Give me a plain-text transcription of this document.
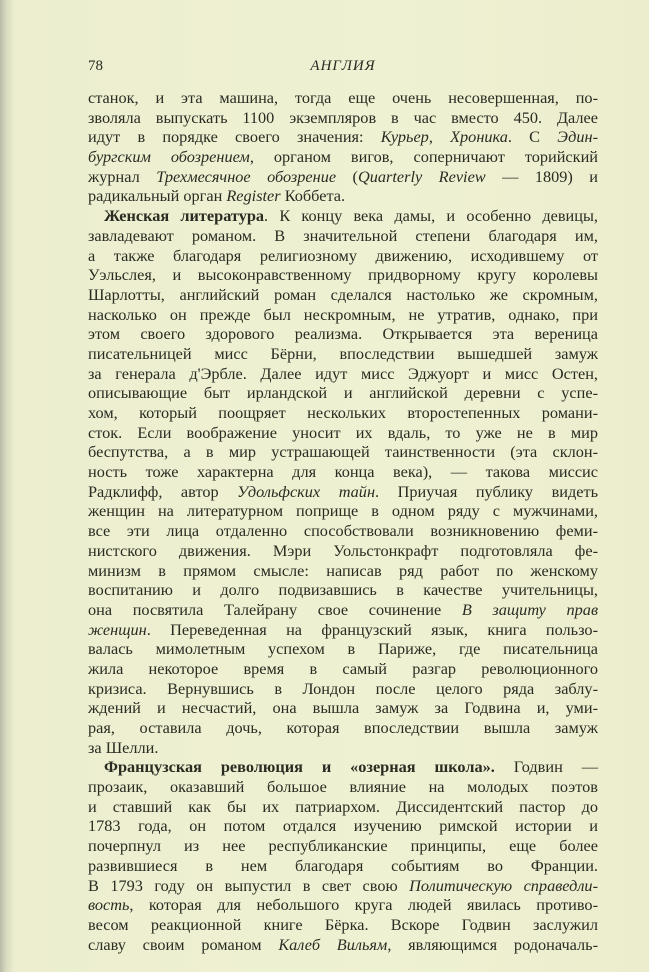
78	АНГЛИЯ
станок, и эта машина, тогда еще очень несовершенная, по-
зволяла выпускать 1100 экземпляров в час вместо 450. Далее
идут в порядке своего значения: Курьер, Хроника. С Эдин-
бургским обозрением, органом вигов, соперничают торийский
журнал Трехмесячное обозрение (Quarterly Review — 1809) и
радикальный орган Register Коббета.
Женская литература. К концу века дамы, и особенно девицы,
завладевают романом. В значительной степени благодаря им,
а также благодаря религиозному движению, исходившему от
Уэльслея, и высоконравственному придворному кругу королевы
Шарлотты, английский роман сделался настолько же скромным,
насколько он прежде был нескромным, не утратив, однако, при
этом своего здорового реализма. Открывается эта вереница
писательницей мисс Бёрни, впоследствии вышедшей замуж
за генерала д'Эрбле. Далее идут мисс Эджуорт и мисс Остен,
описывающие быт ирландской и английской деревни с успе-
хом, который поощряет нескольких второстепенных романи-
сток. Если воображение уносит их вдаль, то уже не в мир
беспутства, а в мир устрашающей таинственности (эта склон-
ность тоже характерна для конца века), — такова миссис
Радклифф, автор Удольфских тайн. Приучая публику видеть
женщин на литературном поприще в одном ряду с мужчинами,
все эти лица отдаленно способствовали возникновению феми-
нистского движения. Мэри Уольстонкрафт подготовляла фе-
минизм в прямом смысле: написав ряд работ по женскому
воспитанию и долго подвизавшись в качестве учительницы,
она посвятила Талейрану свое сочинение В защиту прав
женщин. Переведенная на французский язык, книга пользо-
валась мимолетным успехом в Париже, где писательница
жила некоторое время в самый разгар революционного
кризиса. Вернувшись в Лондон после целого ряда заблу-
ждений и несчастий, она вышла замуж за Годвина и, уми-
рая, оставила дочь, которая впоследствии вышла замуж
за Шелли.
Французская революция и «озерная школа». Годвин —
прозаик, оказавший большое влияние на молодых поэтов
и ставший как бы их патриархом. Диссидентский пастор до
1783 года, он потом отдался изучению римской истории и
почерпнул из нее республиканские принципы, еще более
развившиеся в нем благодаря событиям во Франции.
В 1793 году он выпустил в свет свою Политическую справедли-
вость, которая для небольшого круга людей явилась противо-
весом реакционной книге Бёрка. Вскоре Годвин заслужил
славу своим романом Калеб Вильям, являющимся родоначаль-
